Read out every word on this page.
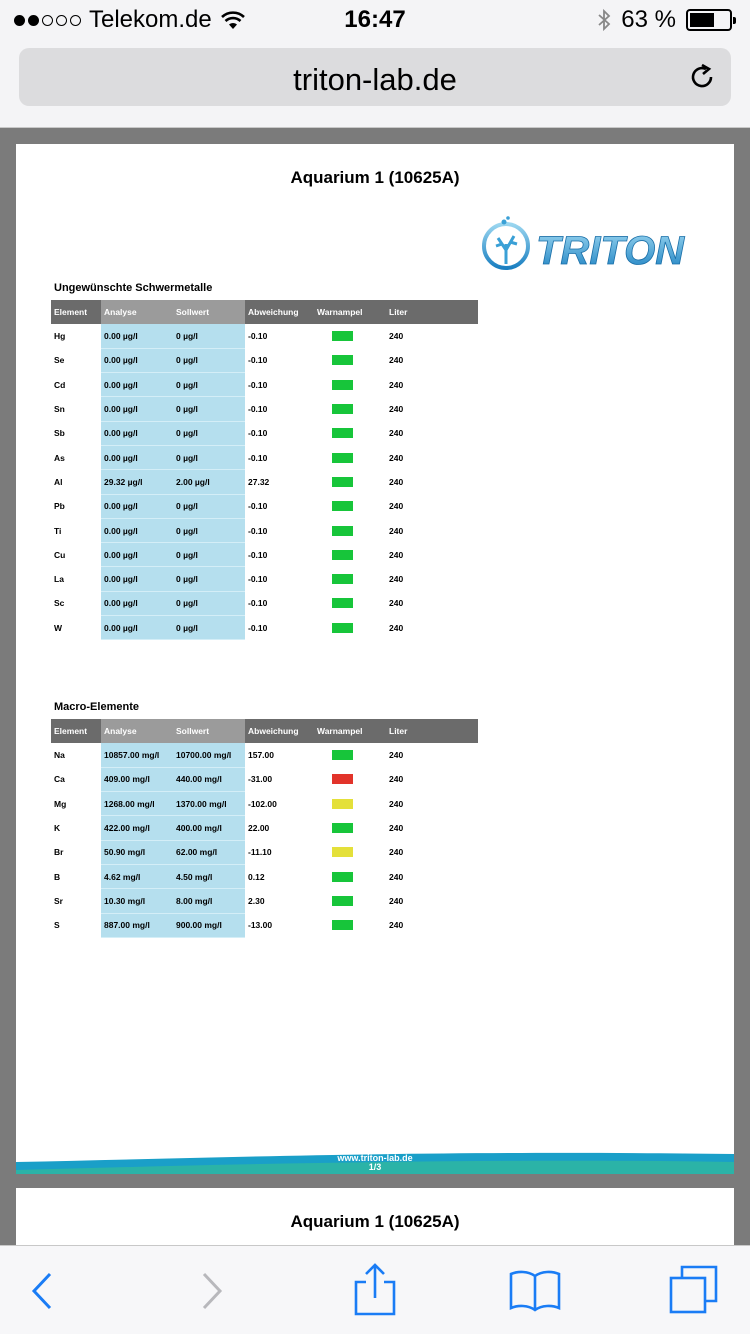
Telekom.de	16:47	63 %
triton-lab.de
Aquarium 1 (10625A)
TRITON
Ungewünschte Schwermetalle
Element	Analyse	Sollwert	Abweichung	Warnampel	Liter
Hg	0.00 µg/l	0 µg/l	-0.10		240
Se	0.00 µg/l	0 µg/l	-0.10		240
Cd	0.00 µg/l	0 µg/l	-0.10		240
Sn	0.00 µg/l	0 µg/l	-0.10		240
Sb	0.00 µg/l	0 µg/l	-0.10		240
As	0.00 µg/l	0 µg/l	-0.10		240
Al	29.32 µg/l	2.00 µg/l	27.32		240
Pb	0.00 µg/l	0 µg/l	-0.10		240
Ti	0.00 µg/l	0 µg/l	-0.10		240
Cu	0.00 µg/l	0 µg/l	-0.10		240
La	0.00 µg/l	0 µg/l	-0.10		240
Sc	0.00 µg/l	0 µg/l	-0.10		240
W	0.00 µg/l	0 µg/l	-0.10		240
Macro-Elemente
Element	Analyse	Sollwert	Abweichung	Warnampel	Liter
Na	10857.00 mg/l	10700.00 mg/l	157.00		240
Ca	409.00 mg/l	440.00 mg/l	-31.00		240
Mg	1268.00 mg/l	1370.00 mg/l	-102.00		240
K	422.00 mg/l	400.00 mg/l	22.00		240
Br	50.90 mg/l	62.00 mg/l	-11.10		240
B	4.62 mg/l	4.50 mg/l	0.12		240
Sr	10.30 mg/l	8.00 mg/l	2.30		240
S	887.00 mg/l	900.00 mg/l	-13.00		240
www.triton-lab.de
1/3
Aquarium 1 (10625A)
